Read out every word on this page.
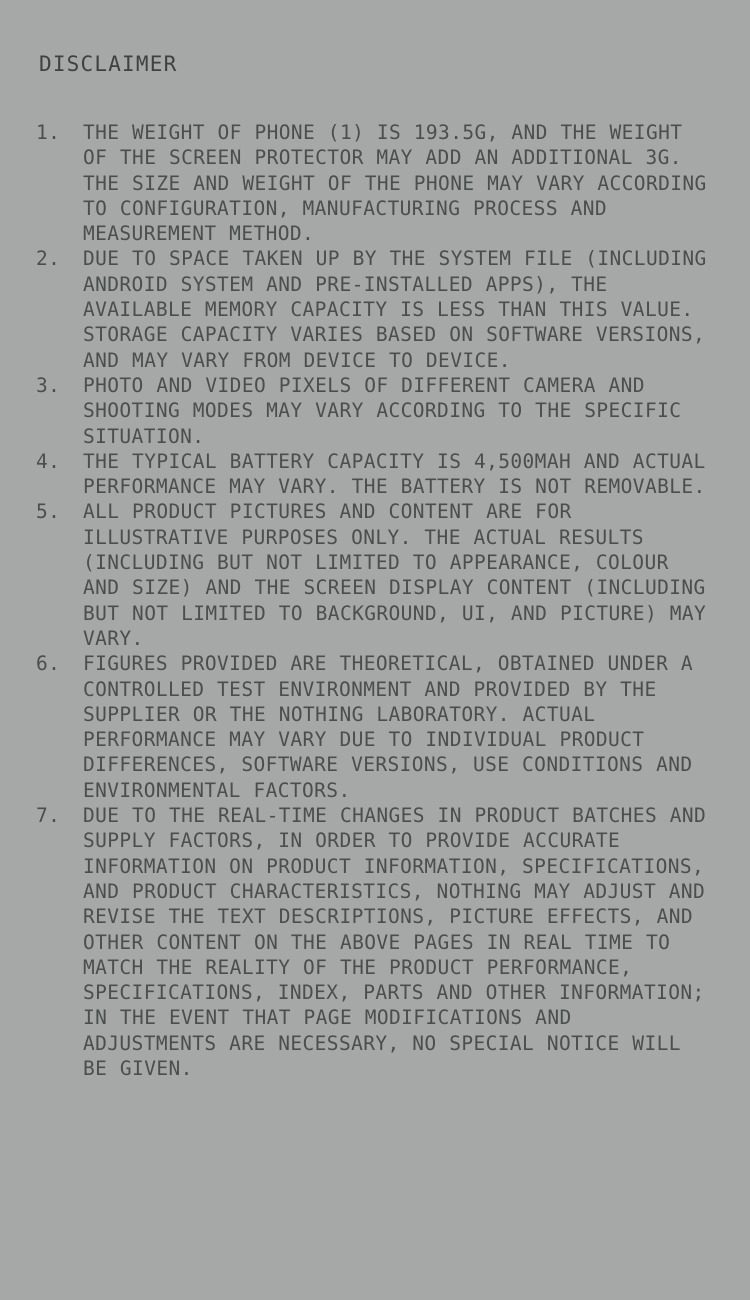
DISCLAIMER
1.	THE WEIGHT OF PHONE (1) IS 193.5G, AND THE WEIGHT OF THE SCREEN PROTECTOR MAY ADD AN ADDITIONAL 3G. THE SIZE AND WEIGHT OF THE PHONE MAY VARY ACCORDING TO CONFIGURATION, MANUFACTURING PROCESS AND MEASUREMENT METHOD.
2.	DUE TO SPACE TAKEN UP BY THE SYSTEM FILE (INCLUDING ANDROID SYSTEM AND PRE-INSTALLED APPS), THE AVAILABLE MEMORY CAPACITY IS LESS THAN THIS VALUE. STORAGE CAPACITY VARIES BASED ON SOFTWARE VERSIONS, AND MAY VARY FROM DEVICE TO DEVICE.
3.	PHOTO AND VIDEO PIXELS OF DIFFERENT CAMERA AND SHOOTING MODES MAY VARY ACCORDING TO THE SPECIFIC SITUATION.
4.	THE TYPICAL BATTERY CAPACITY IS 4,500MAH AND ACTUAL PERFORMANCE MAY VARY. THE BATTERY IS NOT REMOVABLE.
5.	ALL PRODUCT PICTURES AND CONTENT ARE FOR ILLUSTRATIVE PURPOSES ONLY. THE ACTUAL RESULTS (INCLUDING BUT NOT LIMITED TO APPEARANCE, COLOUR AND SIZE) AND THE SCREEN DISPLAY CONTENT (INCLUDING BUT NOT LIMITED TO BACKGROUND, UI, AND PICTURE) MAY VARY.
6.	FIGURES PROVIDED ARE THEORETICAL, OBTAINED UNDER A CONTROLLED TEST ENVIRONMENT AND PROVIDED BY THE SUPPLIER OR THE NOTHING LABORATORY. ACTUAL PERFORMANCE MAY VARY DUE TO INDIVIDUAL PRODUCT DIFFERENCES, SOFTWARE VERSIONS, USE CONDITIONS AND ENVIRONMENTAL FACTORS.
7.	DUE TO THE REAL-TIME CHANGES IN PRODUCT BATCHES AND SUPPLY FACTORS, IN ORDER TO PROVIDE ACCURATE INFORMATION ON PRODUCT INFORMATION, SPECIFICATIONS, AND PRODUCT CHARACTERISTICS, NOTHING MAY ADJUST AND REVISE THE TEXT DESCRIPTIONS, PICTURE EFFECTS, AND OTHER CONTENT ON THE ABOVE PAGES IN REAL TIME TO MATCH THE REALITY OF THE PRODUCT PERFORMANCE, SPECIFICATIONS, INDEX, PARTS AND OTHER INFORMATION; IN THE EVENT THAT PAGE MODIFICATIONS AND ADJUSTMENTS ARE NECESSARY, NO SPECIAL NOTICE WILL BE GIVEN.
